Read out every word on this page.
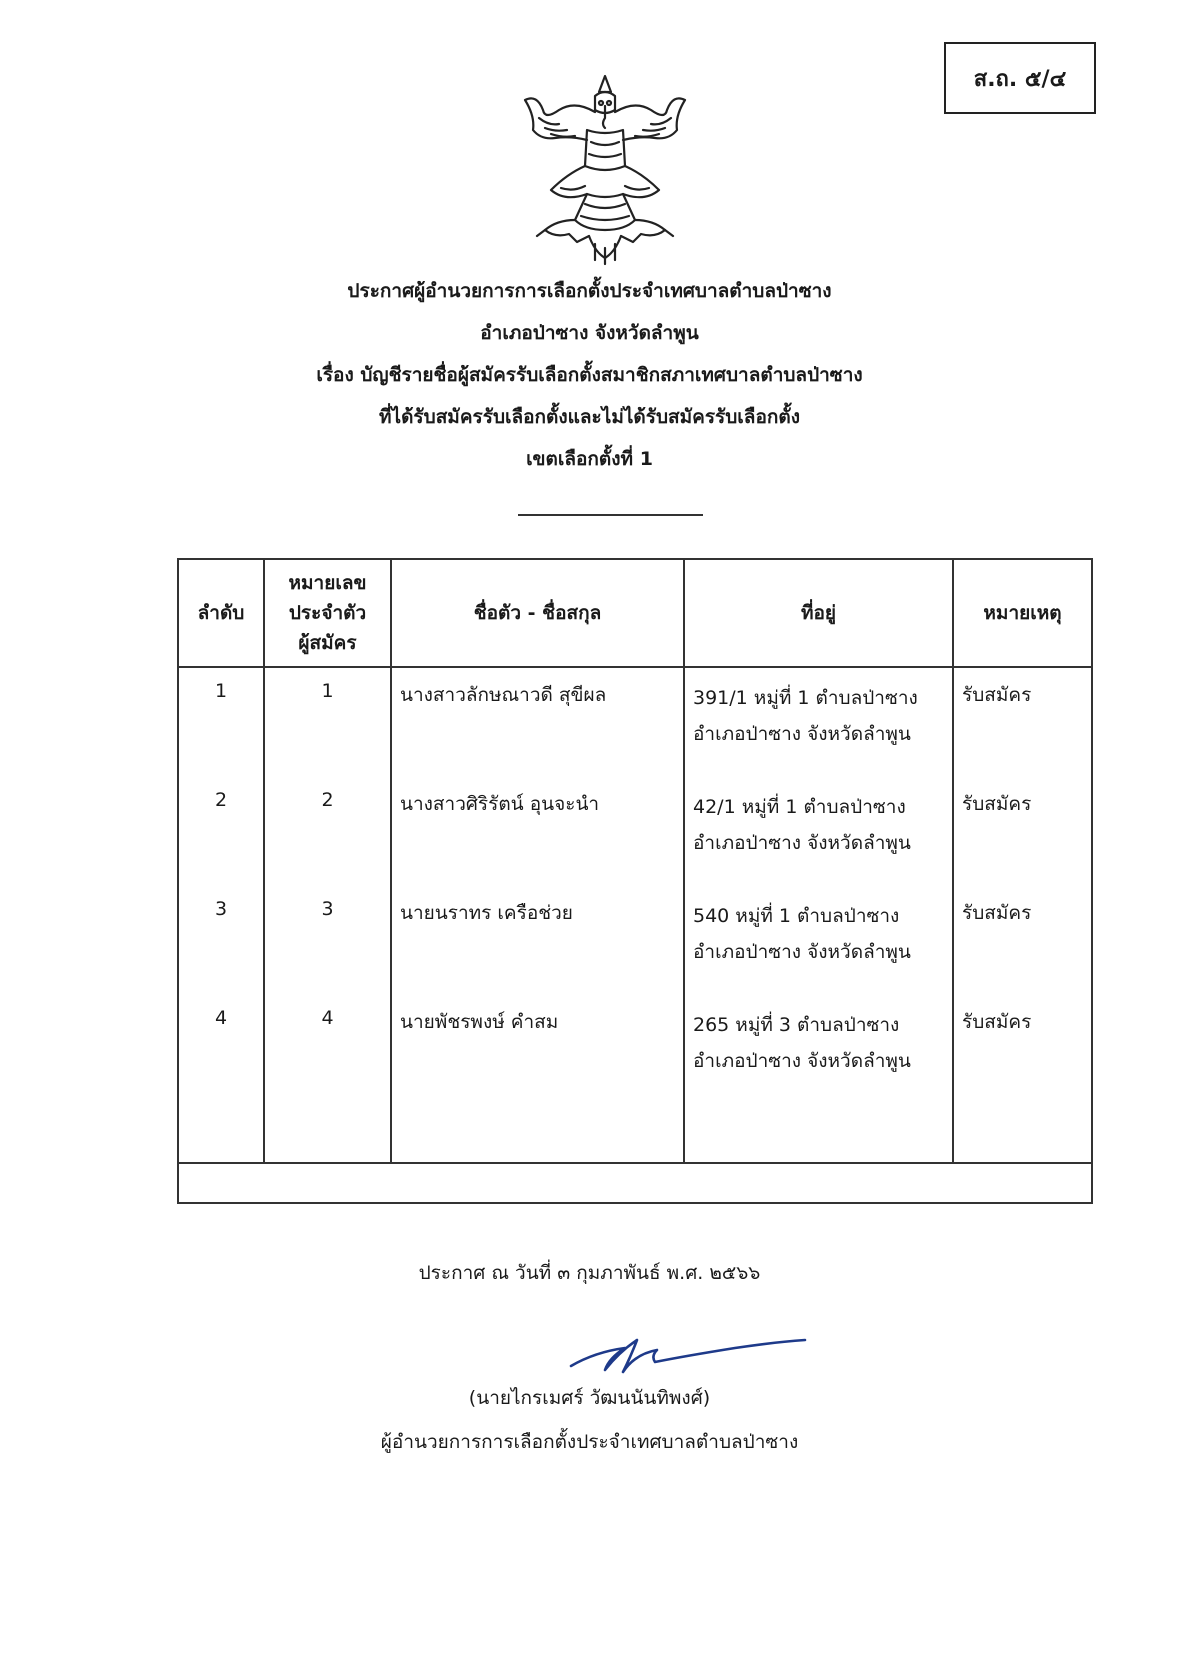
ส.ถ. ๕/๔
ประกาศผู้อำนวยการการเลือกตั้งประจำเทศบาลตำบลป่าซาง
อำเภอป่าซาง จังหวัดลำพูน
เรื่อง บัญชีรายชื่อผู้สมัครรับเลือกตั้งสมาชิกสภาเทศบาลตำบลป่าซาง
ที่ได้รับสมัครรับเลือกตั้งและไม่ได้รับสมัครรับเลือกตั้ง
เขตเลือกตั้งที่ 1
ลำดับ	หมายเลข
ประจำตัว
ผู้สมัคร	ชื่อตัว - ชื่อสกุล	ที่อยู่	หมายเหตุ
1	1	นางสาวลักษณาวดี สุขีผล	391/1 หมู่ที่ 1 ตำบลป่าซาง
อำเภอป่าซาง จังหวัดลำพูน	รับสมัคร
2	2	นางสาวศิริรัตน์ อุนจะนำ	42/1 หมู่ที่ 1 ตำบลป่าซาง
อำเภอป่าซาง จังหวัดลำพูน	รับสมัคร
3	3	นายนราทร เครือช่วย	540 หมู่ที่ 1 ตำบลป่าซาง
อำเภอป่าซาง จังหวัดลำพูน	รับสมัคร
4	4	นายพัชรพงษ์ คำสม	265 หมู่ที่ 3 ตำบลป่าซาง
อำเภอป่าซาง จังหวัดลำพูน	รับสมัคร

ประกาศ ณ วันที่ ๓ กุมภาพันธ์ พ.ศ. ๒๕๖๖
(นายไกรเมศร์ วัฒนนันทิพงศ์)
ผู้อำนวยการการเลือกตั้งประจำเทศบาลตำบลป่าซาง
